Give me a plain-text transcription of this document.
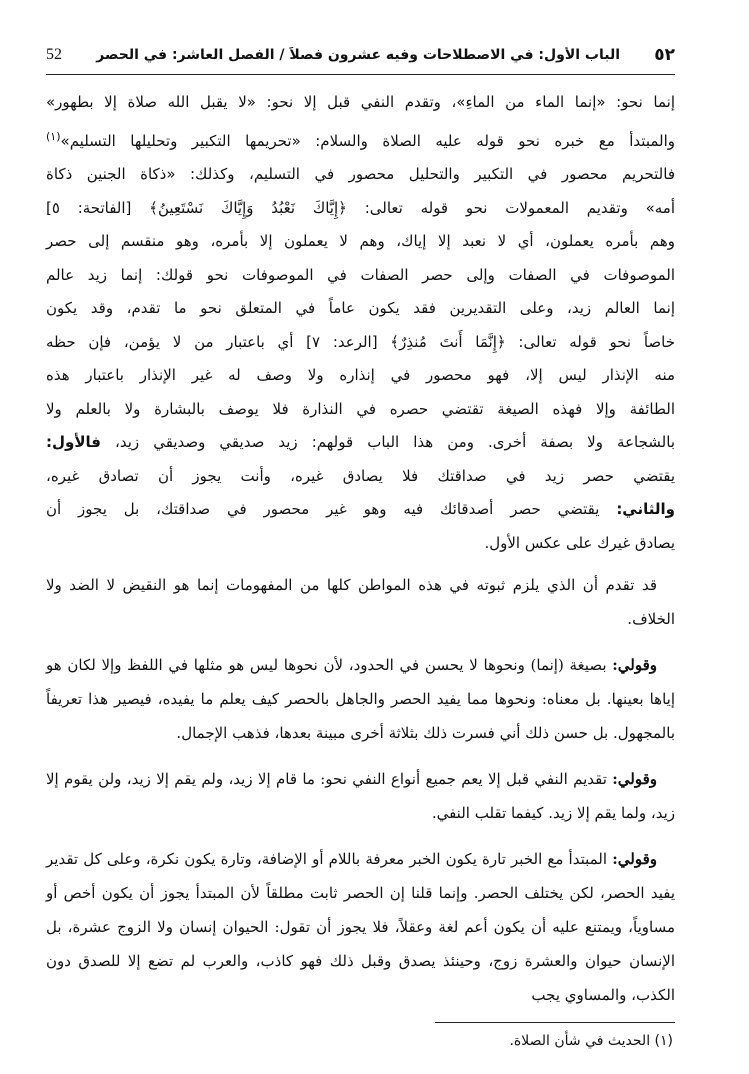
٥٢
الباب الأول: في الاصطلاحات وفيه عشرون فصلاً / الفصل العاشر: في الحصر
52

إنما نحو: «إنما الماء من الماءِ»، وتقدم النفي قبل إلا نحو: «لا يقبل الله صلاة إلا بطهور»

والمبتدأ مع خبره نحو قوله عليه الصلاة والسلام: «تحريمها التكبير وتحليلها التسليم»$^{(١)}$

فالتحريم محصور في التكبير والتحليل محصور في التسليم، وكذلك: «ذكاة الجنين ذكاة

أمه» وتقديم المعمولات نحو قوله تعالى: ﴿إِيَّاكَ نَعْبُدُ وَإِيَّاكَ نَسْتَعِينُ﴾ [الفاتحة: ٥]

وهم بأمره يعملون، أي لا نعبد إلا إياك، وهم لا يعملون إلا بأمره، وهو منقسم إلى حصر

الموصوفات في الصفات وإلى حصر الصفات في الموصوفات نحو قولك: إنما زيد عالم

إنما العالم زيد، وعلى التقديرين فقد يكون عاماً في المتعلق نحو ما تقدم، وقد يكون

خاصاً نحو قوله تعالى: ﴿إِنَّمَا أَنتَ مُنذِرٌ﴾ [الرعد: ٧] أي باعتبار من لا يؤمن، فإن حظه

منه الإنذار ليس إلا، فهو محصور في إنذاره ولا وصف له غير الإنذار باعتبار هذه

الطائفة وإلا فهذه الصيغة تقتضي حصره في النذارة فلا يوصف بالبشارة ولا بالعلم ولا

بالشجاعة ولا بصفة أخرى. ومن هذا الباب قولهم: زيد صديقي وصديقي زيد، فالأول:

يقتضي حصر زيد في صداقتك فلا يصادق غيره، وأنت يجوز أن تصادق غيره،

والثاني: يقتضي حصر أصدقائك فيه وهو غير محصور في صداقتك، بل يجوز أن

يصادق غيرك على عكس الأول.

قد تقدم أن الذي يلزم ثبوته في هذه المواطن كلها من المفهومات إنما هو النقيض لا الضد ولا الخلاف.

وقولي: بصيغة (إنما) ونحوها لا يحسن في الحدود، لأن نحوها ليس هو مثلها في اللفظ وإلا لكان هو إياها بعينها. بل معناه: ونحوها مما يفيد الحصر والجاهل بالحصر كيف يعلم ما يفيده، فيصير هذا تعريفاً بالمجهول. بل حسن ذلك أني فسرت ذلك بثلاثة أخرى مبينة بعدها، فذهب الإجمال.

وقولي: تقديم النفي قبل إلا يعم جميع أنواع النفي نحو: ما قام إلا زيد، ولم يقم إلا زيد، ولن يقوم إلا زيد، ولما يقم إلا زيد. كيفما تقلب النفي.

وقولي: المبتدأ مع الخبر تارة يكون الخبر معرفة باللام أو الإضافة، وتارة يكون نكرة، وعلى كل تقدير يفيد الحصر، لكن يختلف الحصر. وإنما قلنا إن الحصر ثابت مطلقاً لأن المبتدأ يجوز أن يكون أخص أو مساوياً، ويمتنع عليه أن يكون أعم لغة وعقلاً، فلا يجوز أن تقول: الحيوان إنسان ولا الزوج عشرة، بل الإنسان حيوان والعشرة زوج، وحينئذ يصدق وقبل ذلك فهو كاذب، والعرب لم تضع إلا للصدق دون الكذب، والمساوي يجب

(١) الحديث في شأن الصلاة.
